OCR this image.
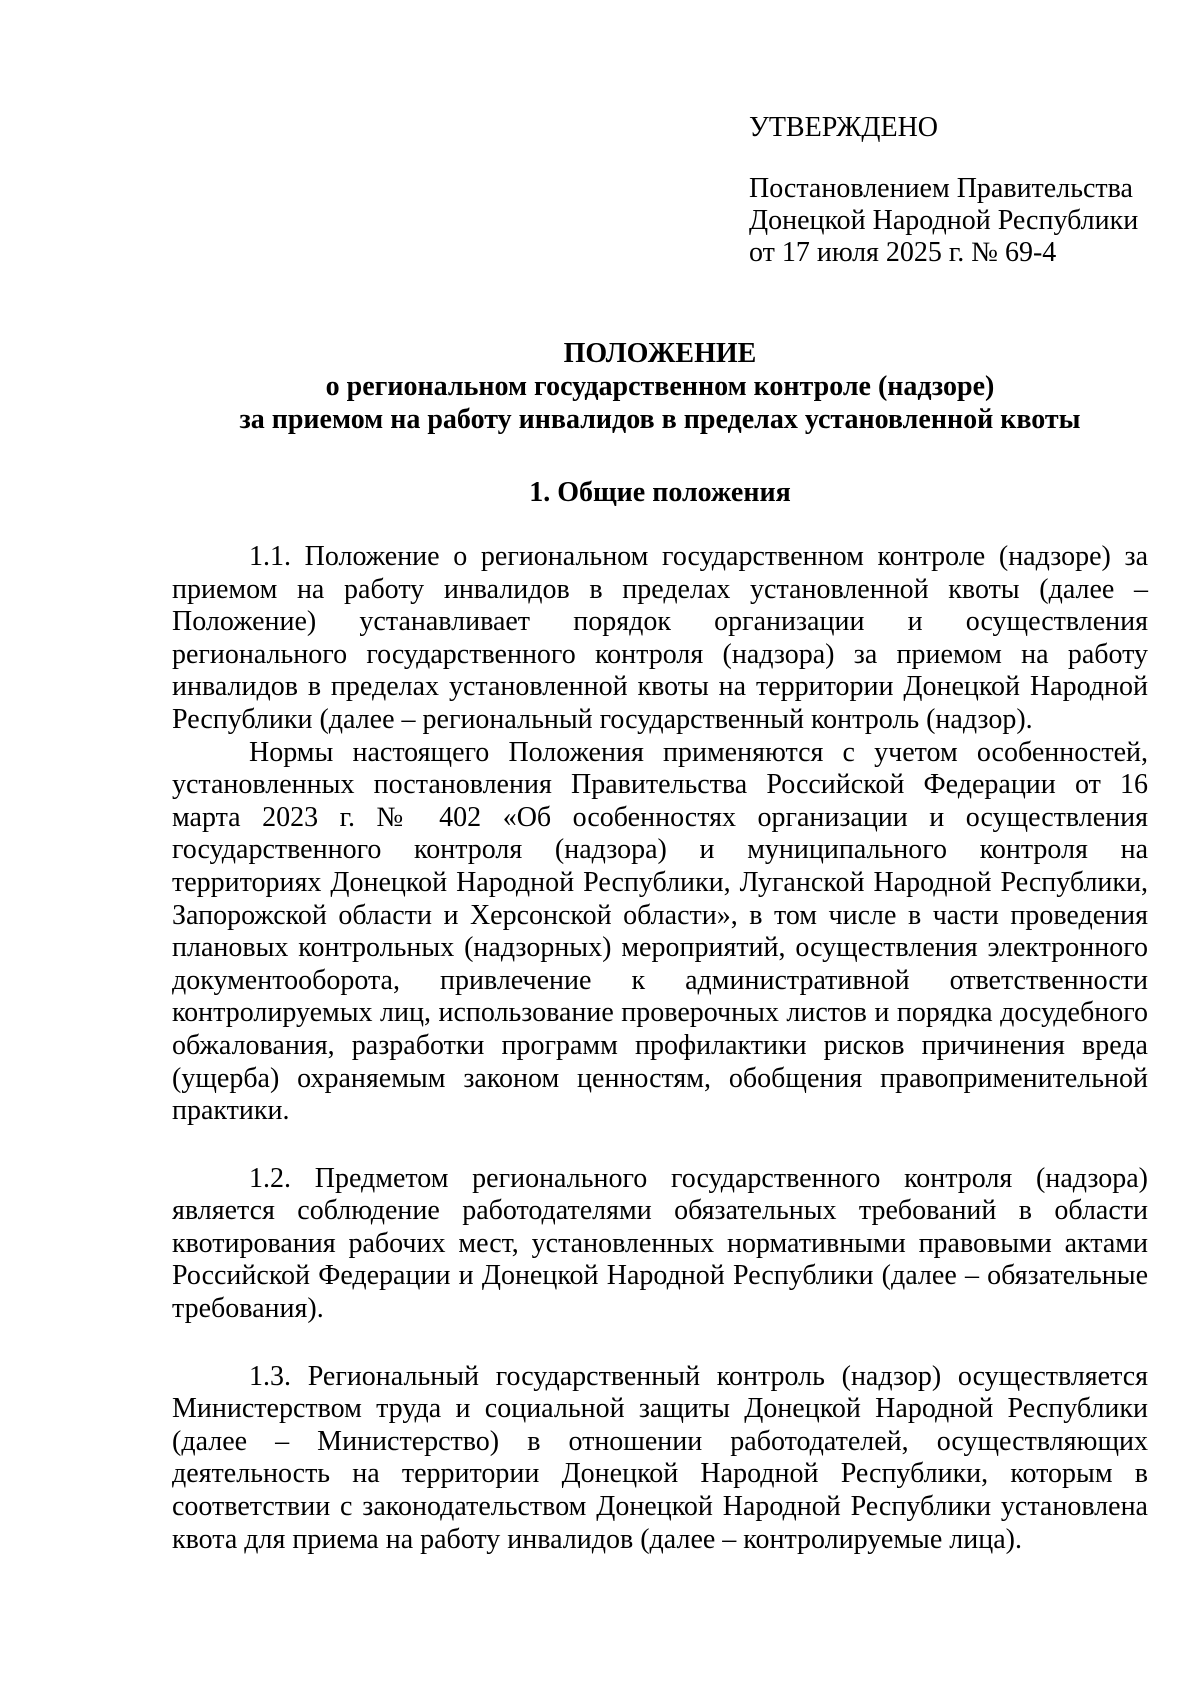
УТВЕРЖДЕНО
Постановлением Правительства
Донецкой Народной Республики
от 17 июля 2025 г. № 69-4
ПОЛОЖЕНИЕ
о региональном государственном контроле (надзоре)
за приемом на работу инвалидов в пределах установленной квоты
1. Общие положения

1.1. Положение о региональном государственном контроле (надзоре) за приемом на работу инвалидов в пределах установленной квоты (далее – Положение) устанавливает порядок организации и осуществления регионального государственного контроля (надзора) за приемом на работу инвалидов в пределах установленной квоты на территории Донецкой Народной Республики (далее – региональный государственный контроль (надзор).

Нормы настоящего Положения применяются с учетом особенностей, установленных постановления Правительства Российской Федерации от 16 марта 2023 г. № 402 «Об особенностях организации и осуществления государственного контроля (надзора) и муниципального контроля на территориях Донецкой Народной Республики, Луганской Народной Республики, Запорожской области и Херсонской области», в том числе в части проведения плановых контрольных (надзорных) мероприятий, осуществления электронного документооборота, привлечение к административной ответственности контролируемых лиц, использование проверочных листов и порядка досудебного обжалования, разработки программ профилактики рисков причинения вреда (ущерба) охраняемым законом ценностям, обобщения правоприменительной практики.

1.2. Предметом регионального государственного контроля (надзора) является соблюдение работодателями обязательных требований в области квотирования рабочих мест, установленных нормативными правовыми актами Российской Федерации и Донецкой Народной Республики (далее – обязательные требования).

1.3. Региональный государственный контроль (надзор) осуществляется Министерством труда и социальной защиты Донецкой Народной Республики (далее – Министерство) в отношении работодателей, осуществляющих деятельность на территории Донецкой Народной Республики, которым в соответствии с законодательством Донецкой Народной Республики установлена квота для приема на работу инвалидов (далее – контролируемые лица).
